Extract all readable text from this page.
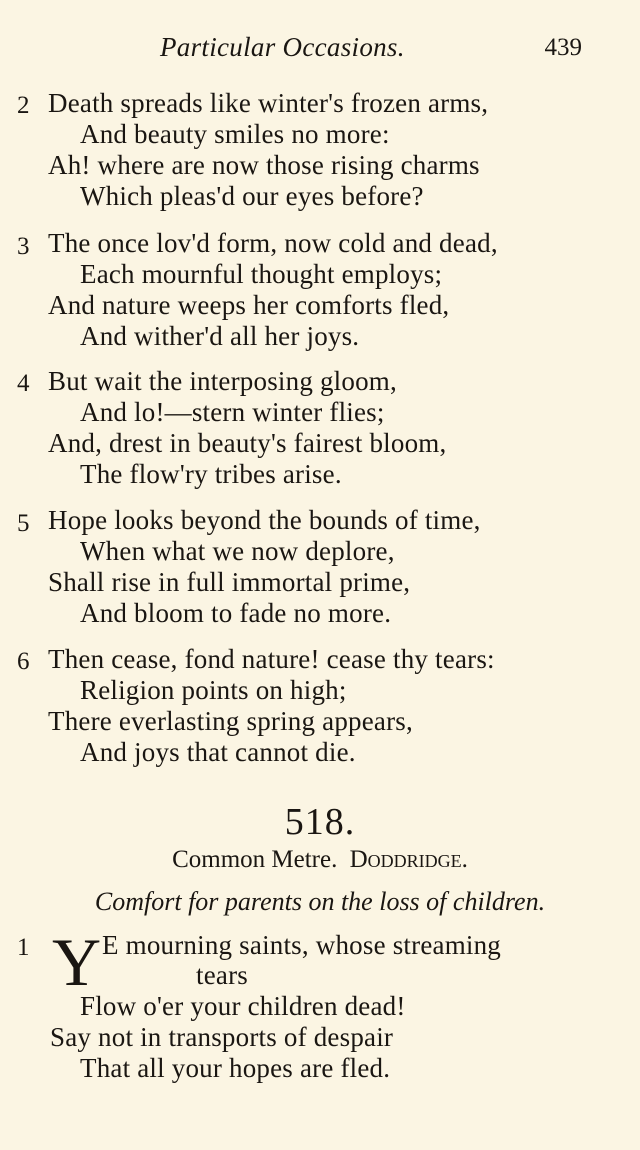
Particular Occasions.	439
2 Death spreads like winter's frozen arms,
And beauty smiles no more:
Ah! where are now those rising charms
Which pleas'd our eyes before?
3 The once lov'd form, now cold and dead,
Each mournful thought employs;
And nature weeps her comforts fled,
And wither'd all her joys.
4 But wait the interposing gloom,
And lo!—stern winter flies;
And, drest in beauty's fairest bloom,
The flow'ry tribes arise.
5 Hope looks beyond the bounds of time,
When what we now deplore,
Shall rise in full immortal prime,
And bloom to fade no more.
6 Then cease, fond nature! cease thy tears:
Religion points on high;
There everlasting spring appears,
And joys that cannot die.
518.
Common Metre. Doddridge.
Comfort for parents on the loss of children.
1 Y E mourning saints, whose streaming
tears
Flow o'er your children dead!
Say not in transports of despair
That all your hopes are fled.
